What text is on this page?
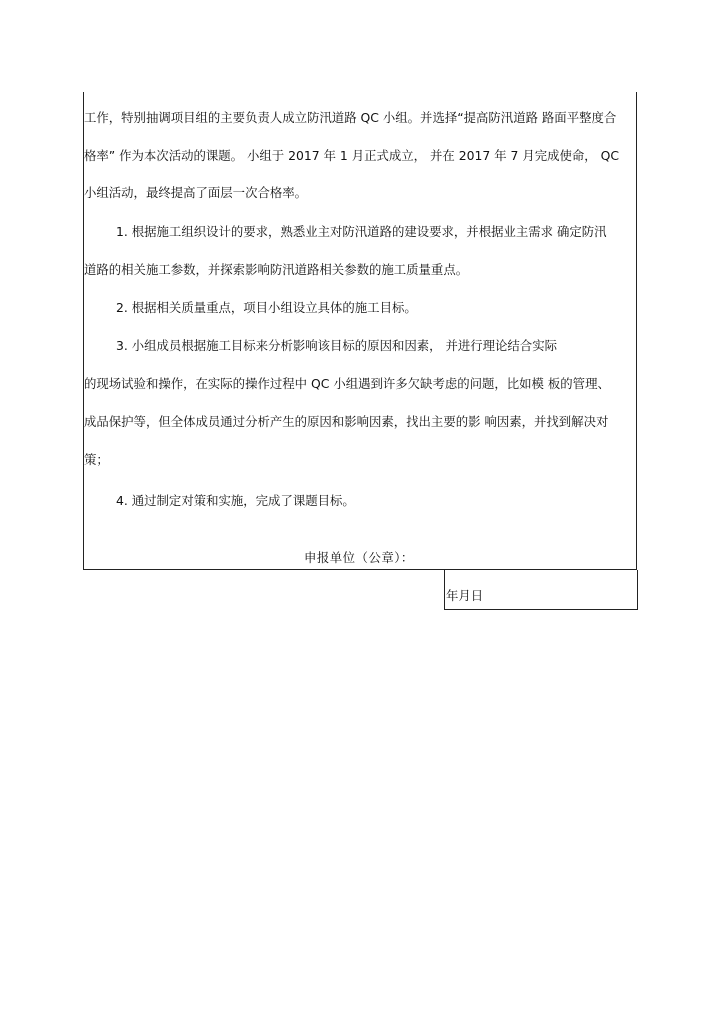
工作，特别抽调项目组的主要负责人成立防汛道路 QC 小组。并选择“提高防汛道路 路面平整度合
格率” 作为本次活动的课题。 小组于 2017 年 1 月正式成立， 并在 2017 年 7 月完成使命， QC
小组活动，最终提高了面层一次合格率。
1. 根据施工组织设计的要求，熟悉业主对防汛道路的建设要求，并根据业主需求 确定防汛
道路的相关施工参数，并探索影响防汛道路相关参数的施工质量重点。
2. 根据相关质量重点，项目小组设立具体的施工目标。
3. 小组成员根据施工目标来分析影响该目标的原因和因素， 并进行理论结合实际
的现场试验和操作，在实际的操作过程中 QC 小组遇到许多欠缺考虑的问题，比如模 板的管理、
成品保护等，但全体成员通过分析产生的原因和影响因素，找出主要的影 响因素，并找到解决对
策；
4. 通过制定对策和实施，完成了课题目标。
申报单位（公章）：
年月日
